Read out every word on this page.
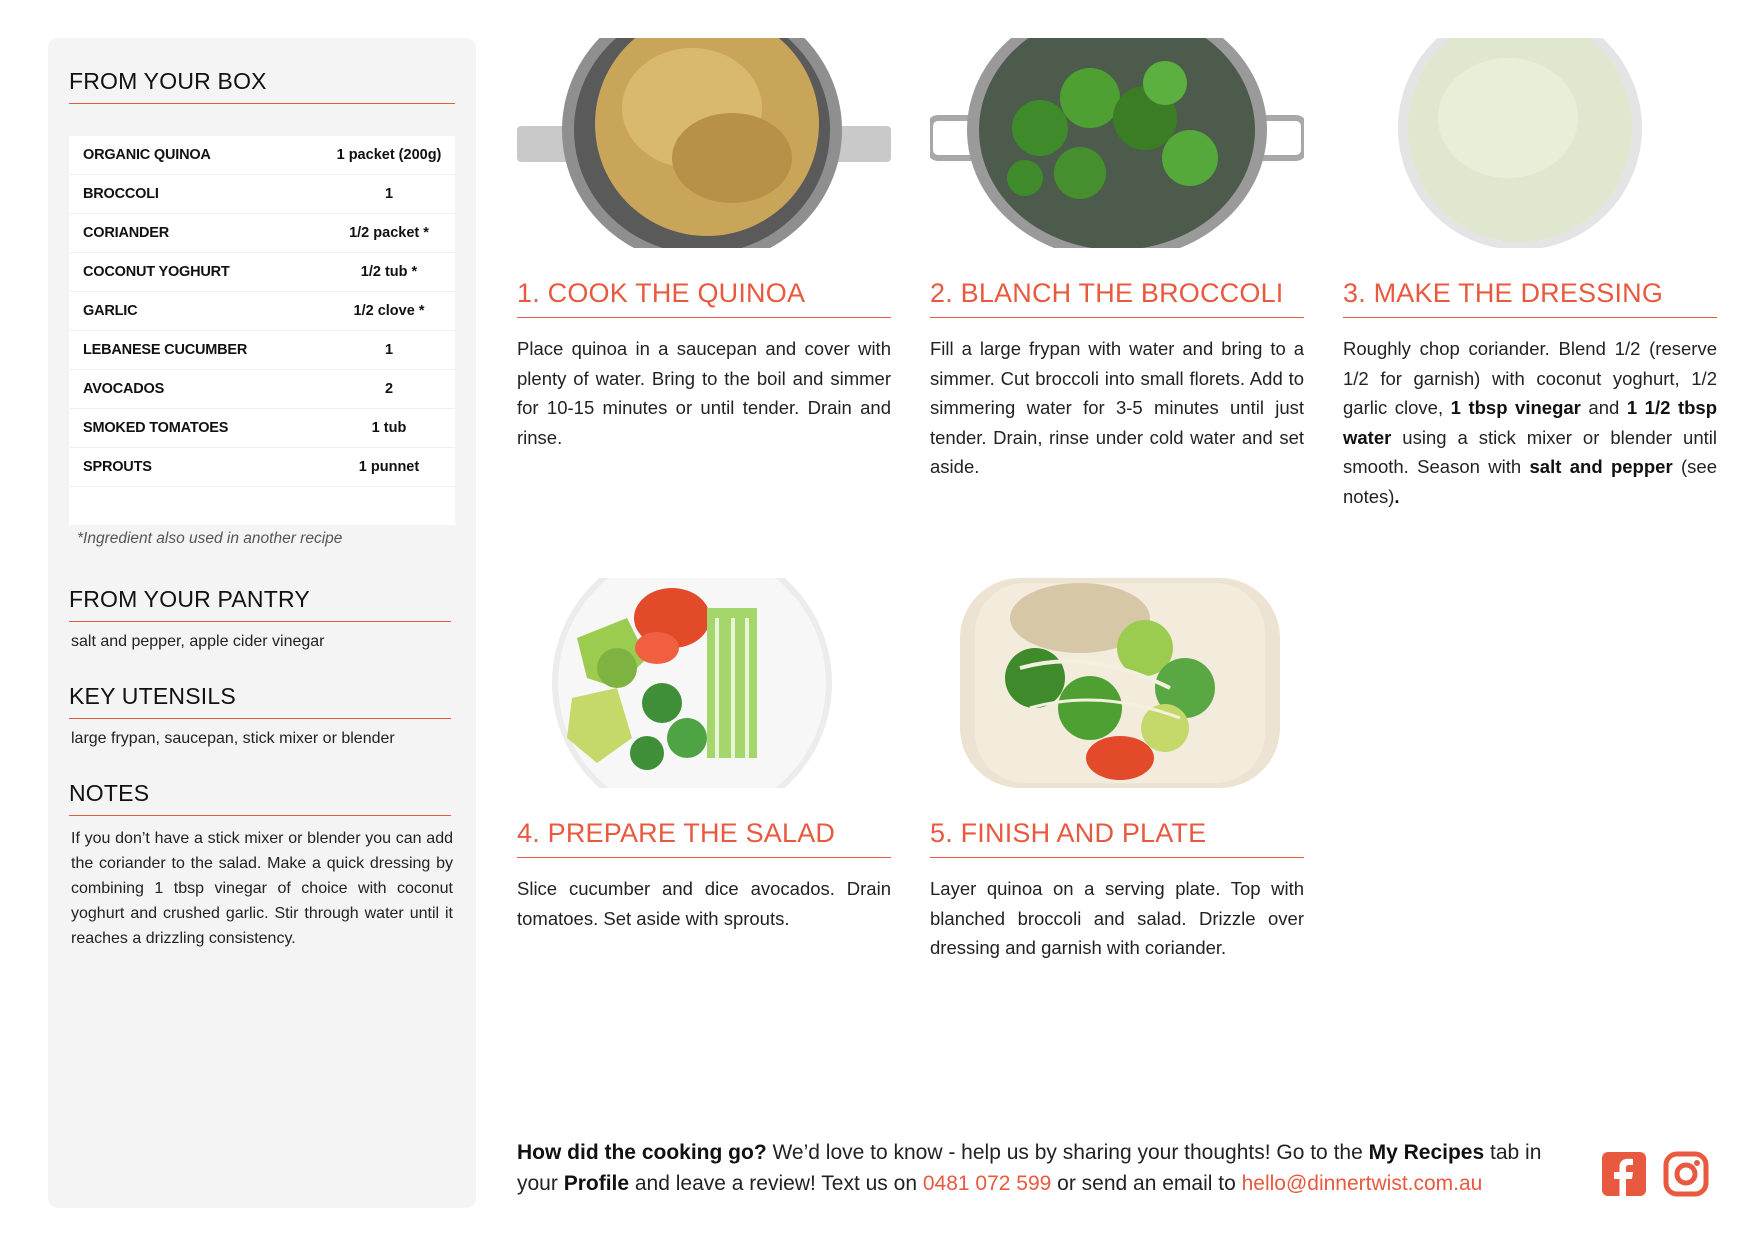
FROM YOUR BOX
ORGANIC QUINOA	1 packet (200g)
BROCCOLI	1
CORIANDER	1/2 packet *
COCONUT YOGHURT	1/2 tub *
GARLIC	1/2 clove *
LEBANESE CUCUMBER	1
AVOCADOS	2
SMOKED TOMATOES	1 tub
SPROUTS	1 punnet
*Ingredient also used in another recipe
FROM YOUR PANTRY
salt and pepper, apple cider vinegar
KEY UTENSILS
large frypan, saucepan, stick mixer or blender
NOTES
If you don’t have a stick mixer or blender you can add the coriander to the salad. Make a quick dressing by combining 1 tbsp vinegar of choice with coconut yoghurt and crushed garlic. Stir through water until it reaches a drizzling consistency.
1. COOK THE QUINOA
Place quinoa in a saucepan and cover with plenty of water. Bring to the boil and simmer for 10-15 minutes or until tender. Drain and rinse.
2. BLANCH THE BROCCOLI
Fill a large frypan with water and bring to a simmer. Cut broccoli into small florets. Add to simmering water for 3-5 minutes until just tender. Drain, rinse under cold water and set aside.
3. MAKE THE DRESSING
Roughly chop coriander. Blend 1/2 (reserve 1/2 for garnish) with coconut yoghurt, 1/2 garlic clove, 1 tbsp vinegar and 1 1/2 tbsp water using a stick mixer or blender until smooth. Season with salt and pepper (see notes).
4. PREPARE THE SALAD
Slice cucumber and dice avocados. Drain tomatoes. Set aside with sprouts.
5. FINISH AND PLATE
Layer quinoa on a serving plate. Top with blanched broccoli and salad. Drizzle over dressing and garnish with coriander.
How did the cooking go? We’d love to know - help us by sharing your thoughts! Go to the My Recipes tab in your Profile and leave a review! Text us on 0481 072 599 or send an email to hello@dinnertwist.com.au
